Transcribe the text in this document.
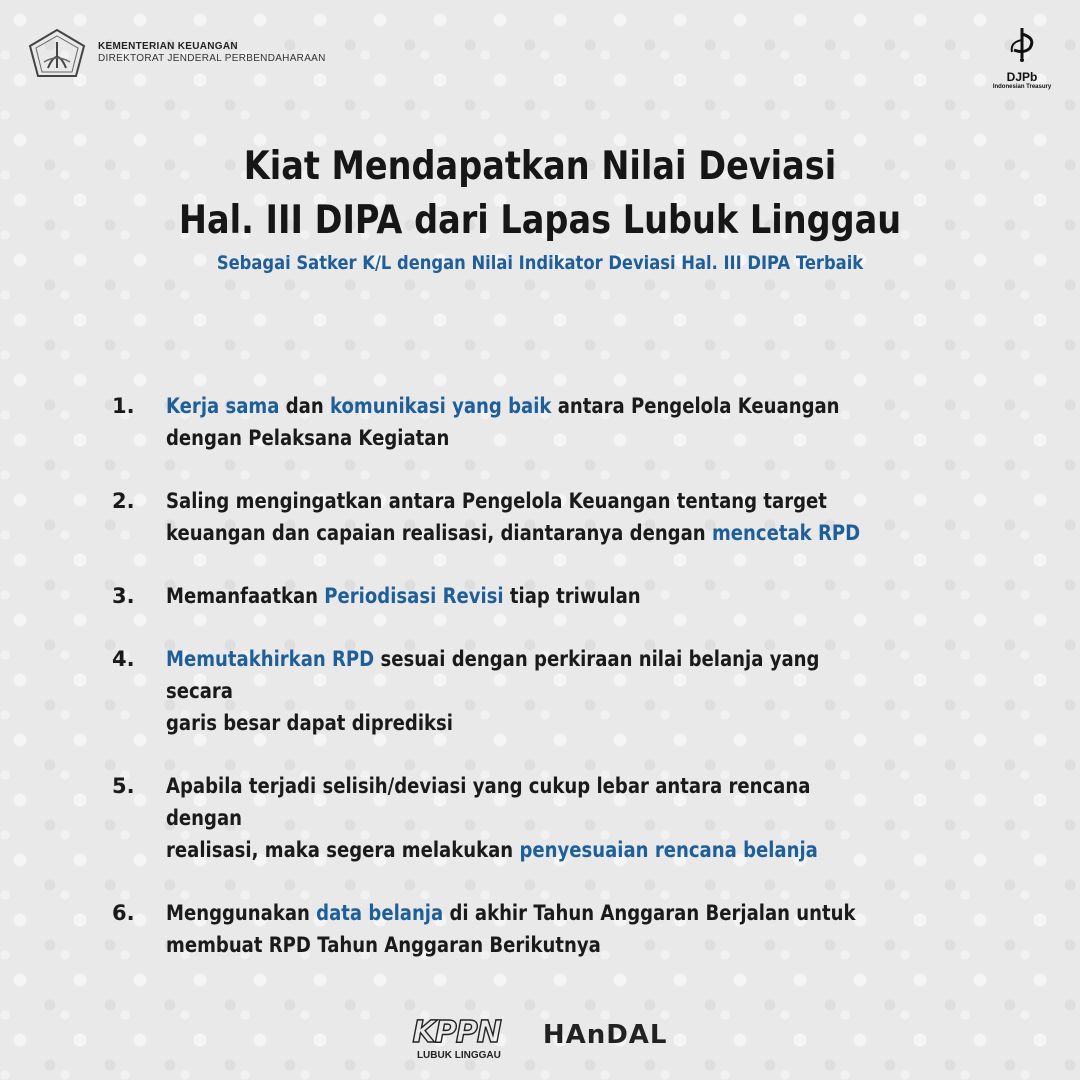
KEMENTERIAN KEUANGAN
DIREKTORAT JENDERAL PERBENDAHARAAN
DJPb
Indonesian Treasury
Kiat Mendapatkan Nilai Deviasi
Hal. III DIPA dari Lapas Lubuk Linggau
Sebagai Satker K/L dengan Nilai Indikator Deviasi Hal. III DIPA Terbaik
1.	Kerja sama dan komunikasi yang baik antara Pengelola Keuangan
dengan Pelaksana Kegiatan
2.	Saling mengingatkan antara Pengelola Keuangan tentang target
keuangan dan capaian realisasi, diantaranya dengan mencetak RPD
3.	Memanfaatkan Periodisasi Revisi tiap triwulan
4.	Memutakhirkan RPD sesuai dengan perkiraan nilai belanja yang secara
garis besar dapat diprediksi
5.	Apabila terjadi selisih/deviasi yang cukup lebar antara rencana dengan
realisasi, maka segera melakukan penyesuaian rencana belanja
6.	Menggunakan data belanja di akhir Tahun Anggaran Berjalan untuk
membuat RPD Tahun Anggaran Berikutnya
KPPN
LUBUK LINGGAU
HAnDAL
